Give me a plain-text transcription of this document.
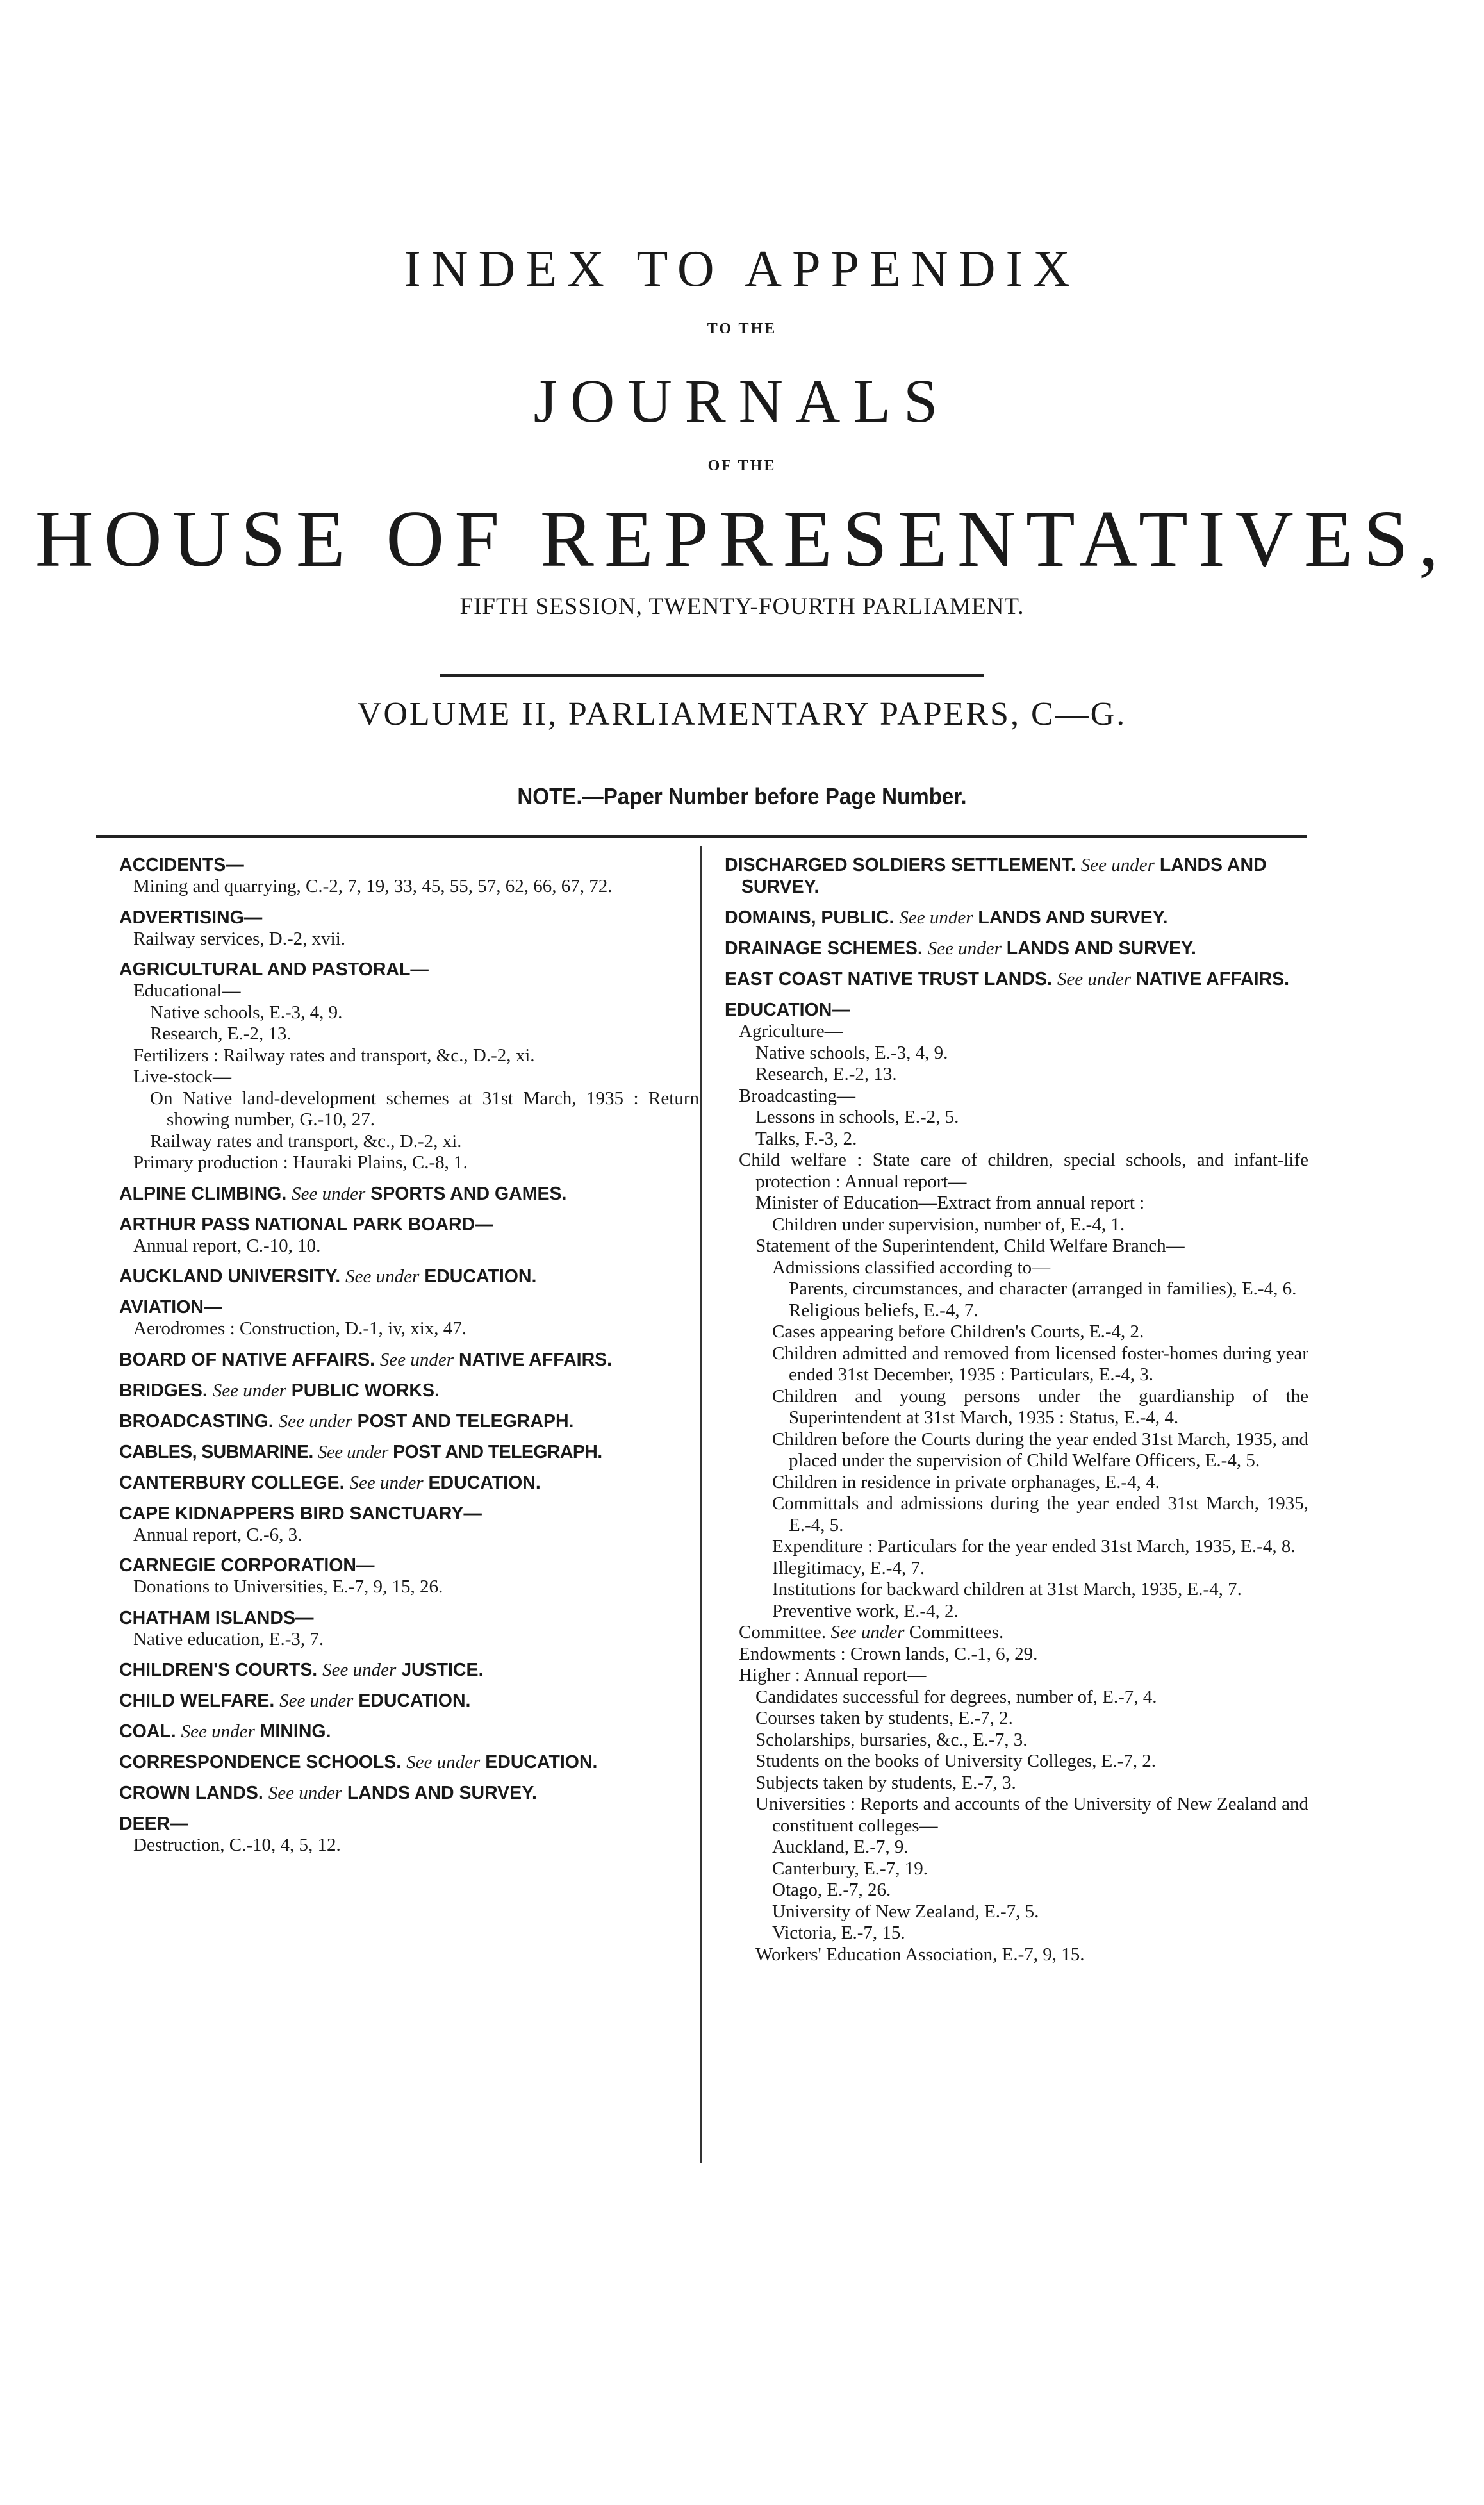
INDEX TO APPENDIX
TO THE
JOURNALS
OF THE
HOUSE OF REPRESENTATIVES,
FIFTH SESSION, TWENTY-FOURTH PARLIAMENT.
VOLUME II, PARLIAMENTARY PAPERS, C—G.
NOTE.—Paper Number before Page Number.
ACCIDENTS—
Mining and quarrying, C.-2, 7, 19, 33, 45, 55, 57, 62, 66, 67, 72.
ADVERTISING—
Railway services, D.-2, xvii.
AGRICULTURAL AND PASTORAL—
Educational—
Native schools, E.-3, 4, 9.
Research, E.-2, 13.
Fertilizers : Railway rates and transport, &c., D.-2, xi.
Live-stock—
On Native land-development schemes at 31st March, 1935 : Return showing number, G.-10, 27.
Railway rates and transport, &c., D.-2, xi.
Primary production : Hauraki Plains, C.-8, 1.
ALPINE CLIMBING. See under SPORTS AND GAMES.
ARTHUR PASS NATIONAL PARK BOARD—
Annual report, C.-10, 10.
AUCKLAND UNIVERSITY. See under EDUCATION.
AVIATION—
Aerodromes : Construction, D.-1, iv, xix, 47.
BOARD OF NATIVE AFFAIRS. See under NATIVE AFFAIRS.
BRIDGES. See under PUBLIC WORKS.
BROADCASTING. See under POST AND TELEGRAPH.
CABLES, SUBMARINE. See under POST AND TELEGRAPH.
CANTERBURY COLLEGE. See under EDUCATION.
CAPE KIDNAPPERS BIRD SANCTUARY—
Annual report, C.-6, 3.
CARNEGIE CORPORATION—
Donations to Universities, E.-7, 9, 15, 26.
CHATHAM ISLANDS—
Native education, E.-3, 7.
CHILDREN'S COURTS. See under JUSTICE.
CHILD WELFARE. See under EDUCATION.
COAL. See under MINING.
CORRESPONDENCE SCHOOLS. See under EDUCATION.
CROWN LANDS. See under LANDS AND SURVEY.
DEER—
Destruction, C.-10, 4, 5, 12.
DISCHARGED SOLDIERS SETTLEMENT. See under LANDS AND SURVEY.
DOMAINS, PUBLIC. See under LANDS AND SURVEY.
DRAINAGE SCHEMES. See under LANDS AND SURVEY.
EAST COAST NATIVE TRUST LANDS. See under NATIVE AFFAIRS.
EDUCATION—
Agriculture—
Native schools, E.-3, 4, 9.
Research, E.-2, 13.
Broadcasting—
Lessons in schools, E.-2, 5.
Talks, F.-3, 2.
Child welfare : State care of children, special schools, and infant-life protection : Annual report—
Minister of Education—Extract from annual report :
Children under supervision, number of, E.-4, 1.
Statement of the Superintendent, Child Welfare Branch—
Admissions classified according to—
Parents, circumstances, and character (arranged in families), E.-4, 6.
Religious beliefs, E.-4, 7.
Cases appearing before Children's Courts, E.-4, 2.
Children admitted and removed from licensed foster-homes during year ended 31st December, 1935 : Particulars, E.-4, 3.
Children and young persons under the guardianship of the Superintendent at 31st March, 1935 : Status, E.-4, 4.
Children before the Courts during the year ended 31st March, 1935, and placed under the supervision of Child Welfare Officers, E.-4, 5.
Children in residence in private orphanages, E.-4, 4.
Committals and admissions during the year ended 31st March, 1935, E.-4, 5.
Expenditure : Particulars for the year ended 31st March, 1935, E.-4, 8.
Illegitimacy, E.-4, 7.
Institutions for backward children at 31st March, 1935, E.-4, 7.
Preventive work, E.-4, 2.
Committee. See under Committees.
Endowments : Crown lands, C.-1, 6, 29.
Higher : Annual report—
Candidates successful for degrees, number of, E.-7, 4.
Courses taken by students, E.-7, 2.
Scholarships, bursaries, &c., E.-7, 3.
Students on the books of University Colleges, E.-7, 2.
Subjects taken by students, E.-7, 3.
Universities : Reports and accounts of the University of New Zealand and constituent colleges—
Auckland, E.-7, 9.
Canterbury, E.-7, 19.
Otago, E.-7, 26.
University of New Zealand, E.-7, 5.
Victoria, E.-7, 15.
Workers' Education Association, E.-7, 9, 15.
